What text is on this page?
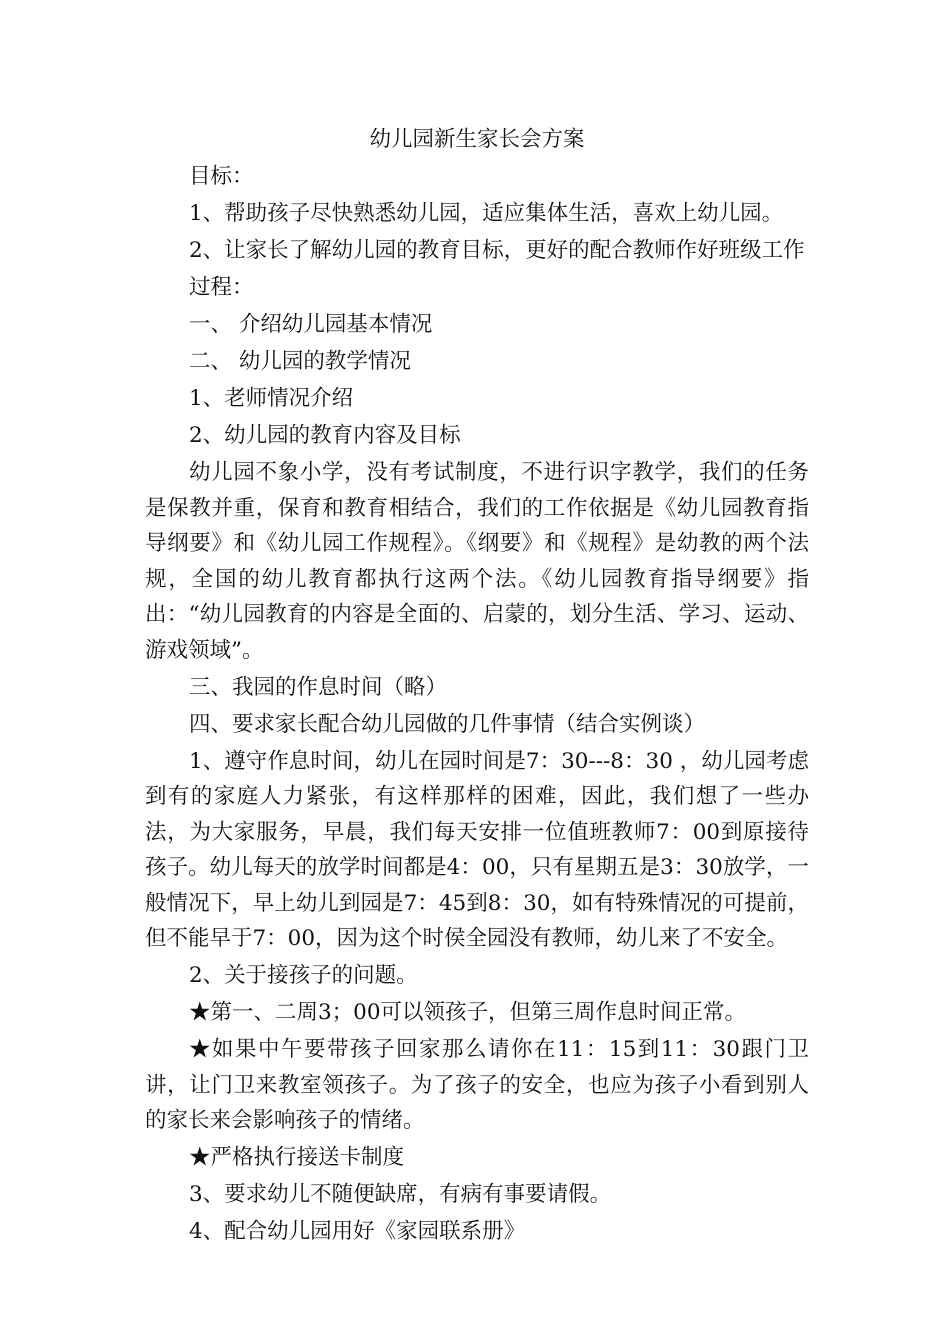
幼儿园新生家长会方案

目标：

1、帮助孩子尽快熟悉幼儿园，适应集体生活，喜欢上幼儿园。

2、让家长了解幼儿园的教育目标，更好的配合教师作好班级工作

过程：

一、 介绍幼儿园基本情况

二、 幼儿园的教学情况

1、老师情况介绍

2、幼儿园的教育内容及目标

幼儿园不象小学，没有考试制度，不进行识字教学，我们的任务是保教并重，保育和教育相结合，我们的工作依据是《幼儿园教育指导纲要》和《幼儿园工作规程》。《纲要》和《规程》是幼教的两个法规，全国的幼儿教育都执行这两个法。《幼儿园教育指导纲要》指出：“幼儿园教育的内容是全面的、启蒙的，划分生活、学习、运动、游戏领域”。

三、我园的作息时间（略）

四、要求家长配合幼儿园做的几件事情（结合实例谈）

1、遵守作息时间，幼儿在园时间是7：30---8：30 ，幼儿园考虑到有的家庭人力紧张，有这样那样的困难，因此，我们想了一些办法，为大家服务，早晨，我们每天安排一位值班教师7：00到原接待孩子。幼儿每天的放学时间都是4：00，只有星期五是3：30放学，一般情况下，早上幼儿到园是7：45到8：30，如有特殊情况的可提前，但不能早于7：00，因为这个时侯全园没有教师，幼儿来了不安全。

2、关于接孩子的问题。

★第一、二周3；00可以领孩子，但第三周作息时间正常。

★如果中午要带孩子回家那么请你在11：15到11：30跟门卫讲，让门卫来教室领孩子。为了孩子的安全，也应为孩子小看到别人的家长来会影响孩子的情绪。

★严格执行接送卡制度

3、要求幼儿不随便缺席，有病有事要请假。

4、配合幼儿园用好《家园联系册》
